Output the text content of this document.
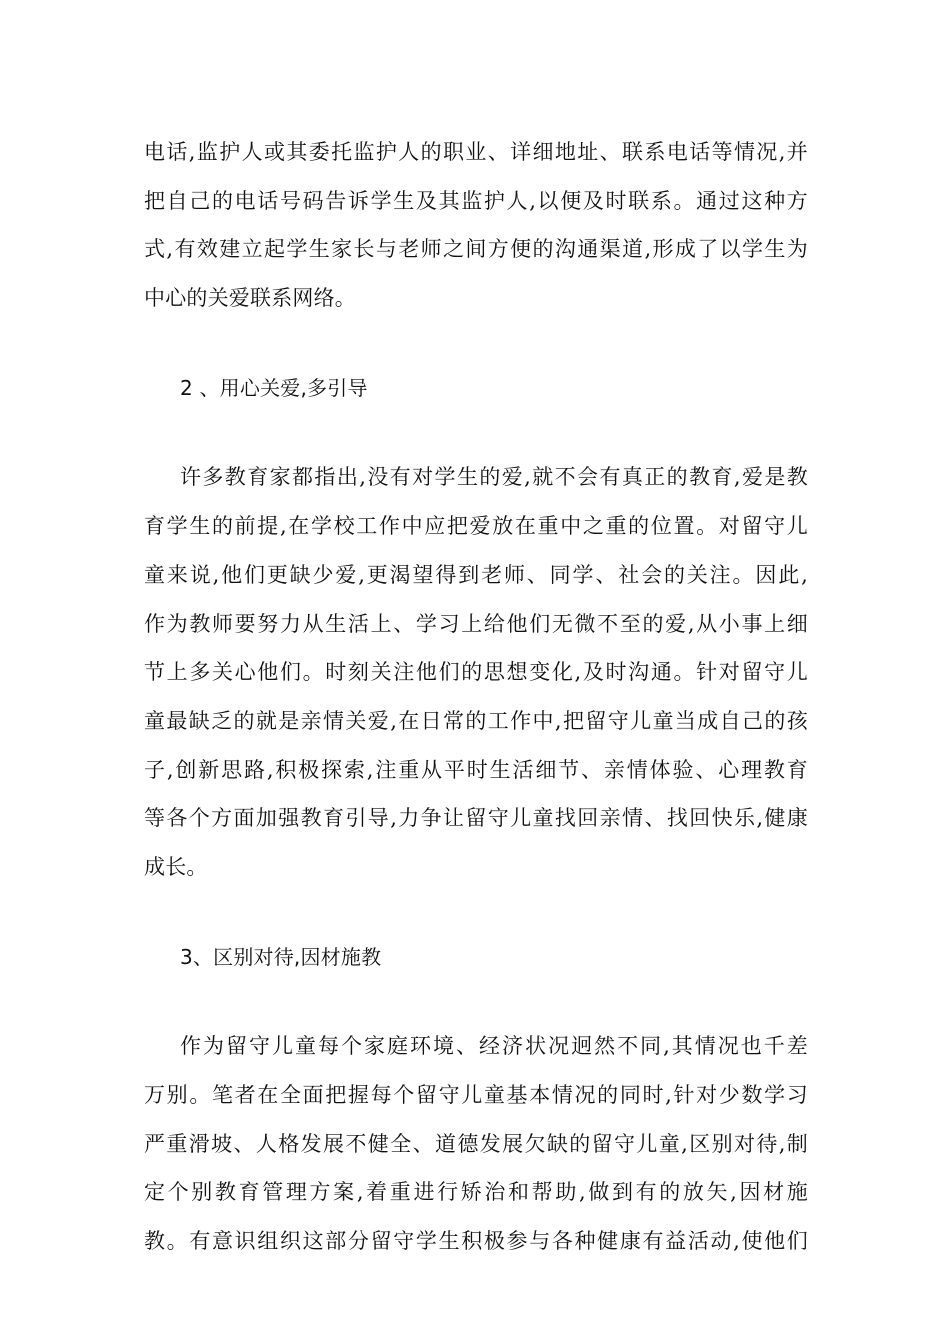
电话,监护人或其委托监护人的职业、详细地址、联系电话等情况,并
把自己的电话号码告诉学生及其监护人,以便及时联系。通过这种方
式,有效建立起学生家长与老师之间方便的沟通渠道,形成了以学生为
中心的关爱联系网络。
2 、用心关爱,多引导
许多教育家都指出,没有对学生的爱,就不会有真正的教育,爱是教
育学生的前提,在学校工作中应把爱放在重中之重的位置。对留守儿
童来说,他们更缺少爱,更渴望得到老师、同学、社会的关注。因此,
作为教师要努力从生活上、学习上给他们无微不至的爱,从小事上细
节上多关心他们。时刻关注他们的思想变化,及时沟通。针对留守儿
童最缺乏的就是亲情关爱,在日常的工作中,把留守儿童当成自己的孩
子,创新思路,积极探索,注重从平时生活细节、亲情体验、心理教育
等各个方面加强教育引导,力争让留守儿童找回亲情、找回快乐,健康
成长。
3、区别对待,因材施教
作为留守儿童每个家庭环境、经济状况迥然不同,其情况也千差
万别。笔者在全面把握每个留守儿童基本情况的同时,针对少数学习
严重滑坡、人格发展不健全、道德发展欠缺的留守儿童,区别对待,制
定个别教育管理方案,着重进行矫治和帮助,做到有的放矢,因材施
教。有意识组织这部分留守学生积极参与各种健康有益活动,使他们
